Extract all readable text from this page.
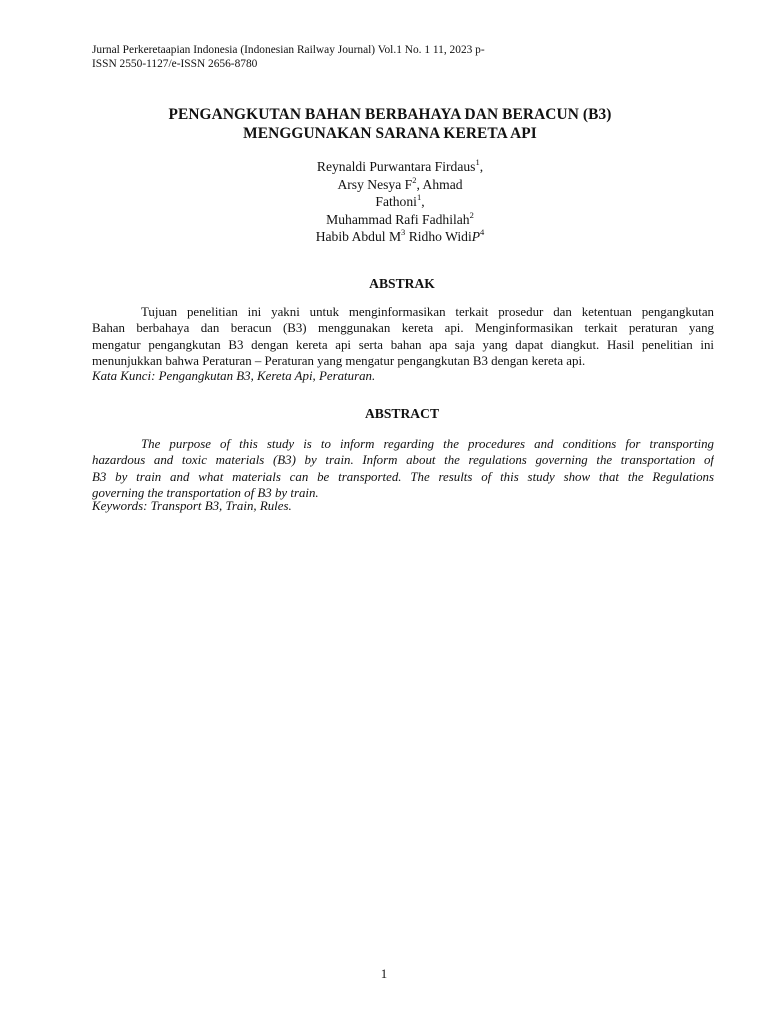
Jurnal Perkeretaapian Indonesia (Indonesian Railway Journal) Vol.1 No. 1 11, 2023 p-
ISSN 2550-1127/e-ISSN 2656-8780
PENGANGKUTAN BAHAN BERBAHAYA DAN BERACUN (B3)
MENGGUNAKAN SARANA KERETA API
Reynaldi Purwantara Firdaus$^1$,
Arsy Nesya $F^2$, Ahmad
Fathoni$^1$,
Muhammad Rafi Fadhilah$^2$
Habib Abdul $M^3$ Ridho WidiP$^4$
ABSTRAK
Tujuan penelitian ini yakni untuk menginformasikan terkait prosedur dan ketentuan pengangkutan
Bahan berbahaya dan beracun (B3) menggunakan kereta api. Menginformasikan terkait peraturan yang
mengatur pengangkutan B3 dengan kereta api serta bahan apa saja yang dapat diangkut. Hasil penelitian ini
menunjukkan bahwa Peraturan – Peraturan yang mengatur pengangkutan B3 dengan kereta api.
Kata Kunci: Pengangkutan B3, Kereta Api, Peraturan.
ABSTRACT
The purpose of this study is to inform regarding the procedures and conditions for transporting
hazardous and toxic materials (B3) by train. Inform about the regulations governing the transportation of
B3 by train and what materials can be transported. The results of this study show that the Regulations
governing the transportation of B3 by train.
Keywords: Transport B3, Train, Rules.
1
